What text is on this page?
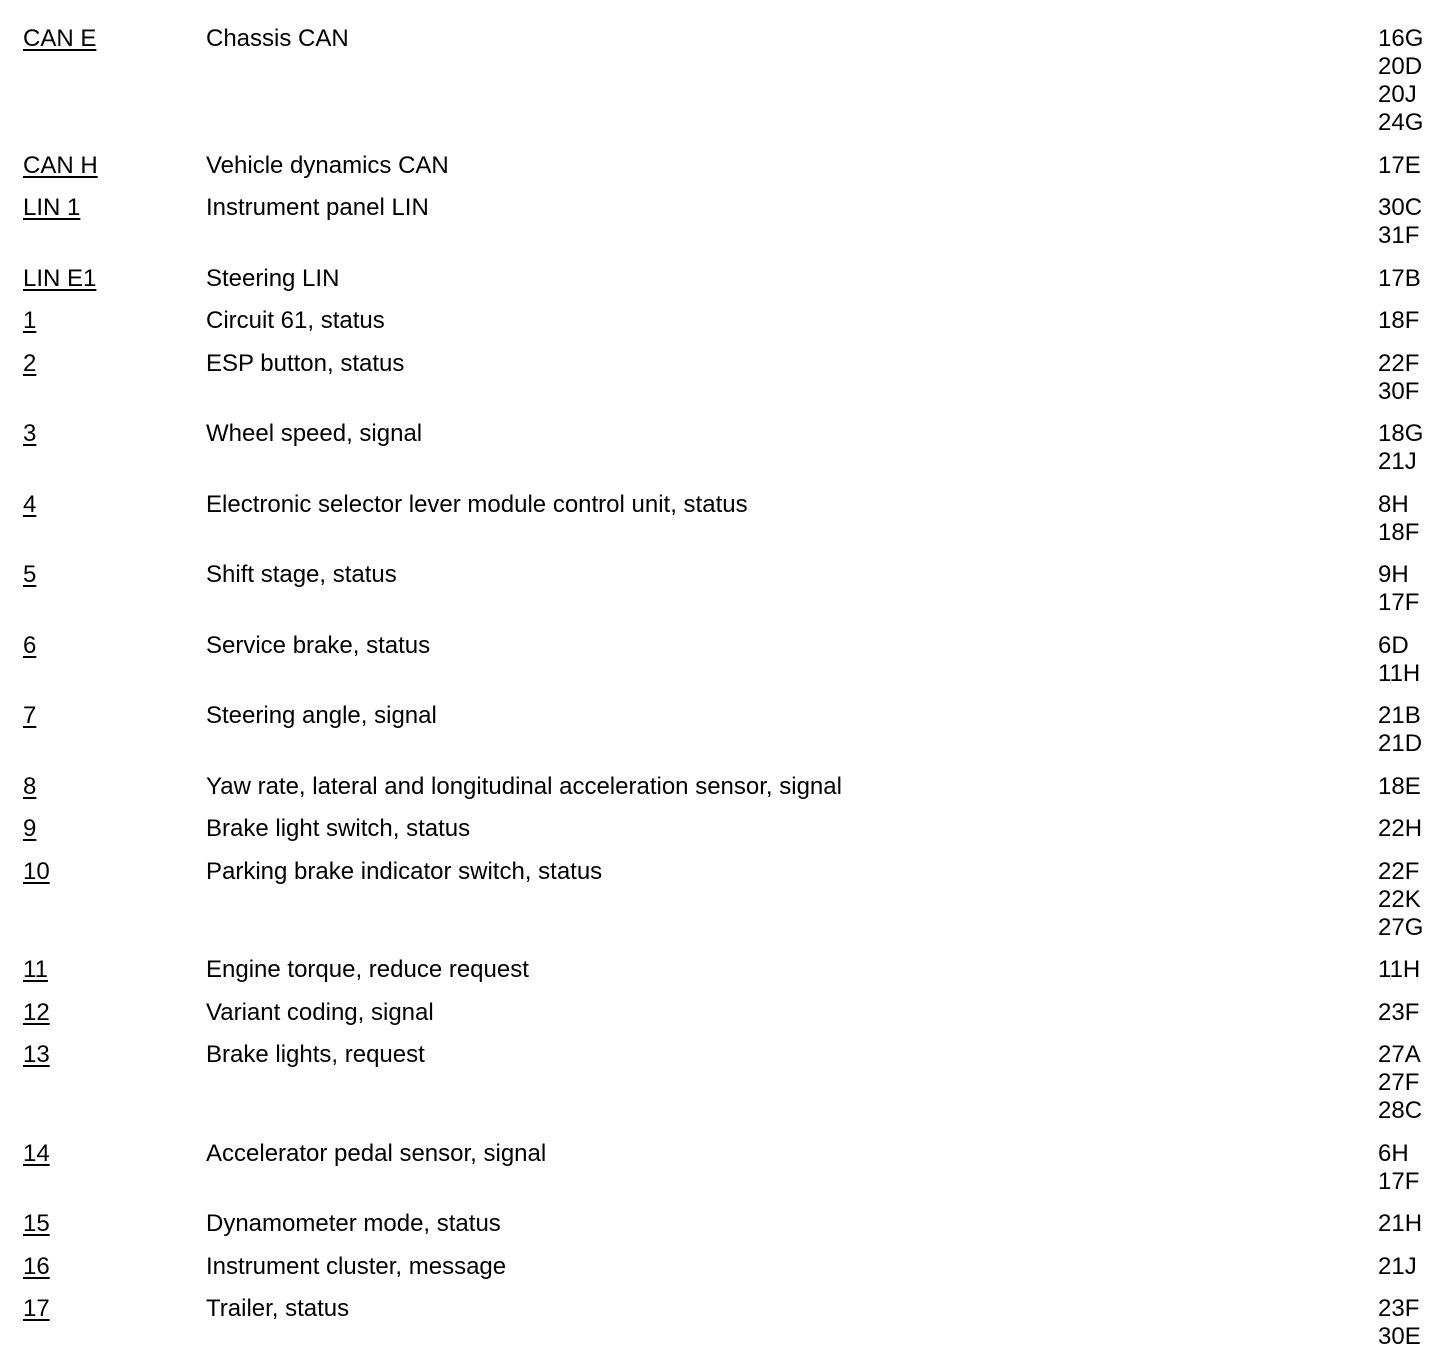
CAN E	Chassis CAN	16G
20D
20J
24G
CAN H	Vehicle dynamics CAN	17E
LIN 1	Instrument panel LIN	30C
31F
LIN E1	Steering LIN	17B
1	Circuit 61, status	18F
2	ESP button, status	22F
30F
3	Wheel speed, signal	18G
21J
4	Electronic selector lever module control unit, status	8H
18F
5	Shift stage, status	9H
17F
6	Service brake, status	6D
11H
7	Steering angle, signal	21B
21D
8	Yaw rate, lateral and longitudinal acceleration sensor, signal	18E
9	Brake light switch, status	22H
10	Parking brake indicator switch, status	22F
22K
27G
11	Engine torque, reduce request	11H
12	Variant coding, signal	23F
13	Brake lights, request	27A
27F
28C
14	Accelerator pedal sensor, signal	6H
17F
15	Dynamometer mode, status	21H
16	Instrument cluster, message	21J
17	Trailer, status	23F
30E
